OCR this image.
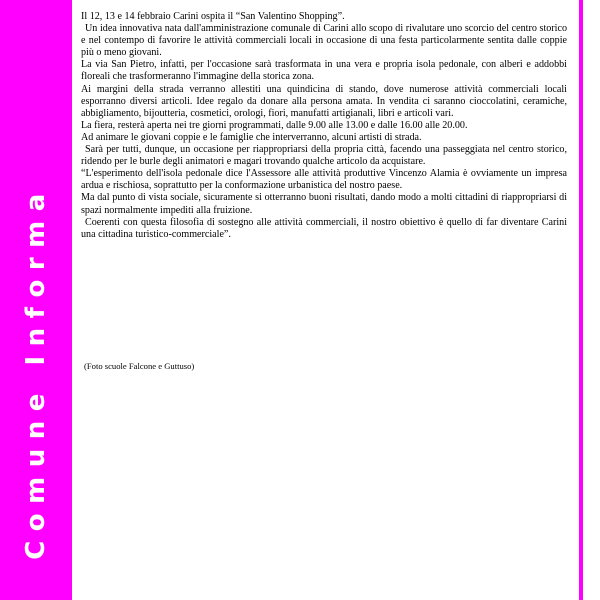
Comune Informa

Il 12, 13 e 14 febbraio Carini ospita il “San Valentino Shopping”.

Un idea innovativa nata dall'amministrazione comunale di Carini allo scopo di rivalutare uno scorcio del centro storico e nel contempo di favorire le attività commerciali locali in occasione di una festa particolarmente sentita dalle coppie più o meno giovani.

La via San Pietro, infatti, per l'occasione sarà trasformata in una vera e propria isola pedonale, con alberi e addobbi floreali che trasformeranno l'immagine della storica zona.

Ai margini della strada verranno allestiti una quindicina di stando, dove numerose attività commerciali locali esporranno diversi articoli. Idee regalo da donare alla persona amata. In vendita ci saranno cioccolatini, ceramiche, abbigliamento, bijoutteria, cosmetici, orologi, fiori, manufatti artigianali, libri e articoli vari.

La fiera, resterà aperta nei tre giorni programmati, dalle 9.00 alle 13.00 e dalle 16.00 alle 20.00.

Ad animare le giovani coppie e le famiglie che interverranno, alcuni artisti di strada.

Sarà per tutti, dunque, un occasione per riappropriarsi della propria città, facendo una passeggiata nel centro storico, ridendo per le burle degli animatori e magari trovando qualche articolo da acquistare.

“L'esperimento dell'isola pedonale dice l'Assessore alle attività produttive Vincenzo Alamia è ovviamente un impresa ardua e rischiosa, soprattutto per la conformazione urbanistica del nostro paese.

Ma dal punto di vista sociale, sicuramente si otterranno buoni risultati, dando modo a molti cittadini di riappropriarsi di spazi normalmente impediti alla fruizione.

Coerenti con questa filosofia di sostegno alle attività commerciali, il nostro obiettivo è quello di far diventare Carini una cittadina turistico-commerciale”.

(Foto scuole Falcone e Guttuso)
